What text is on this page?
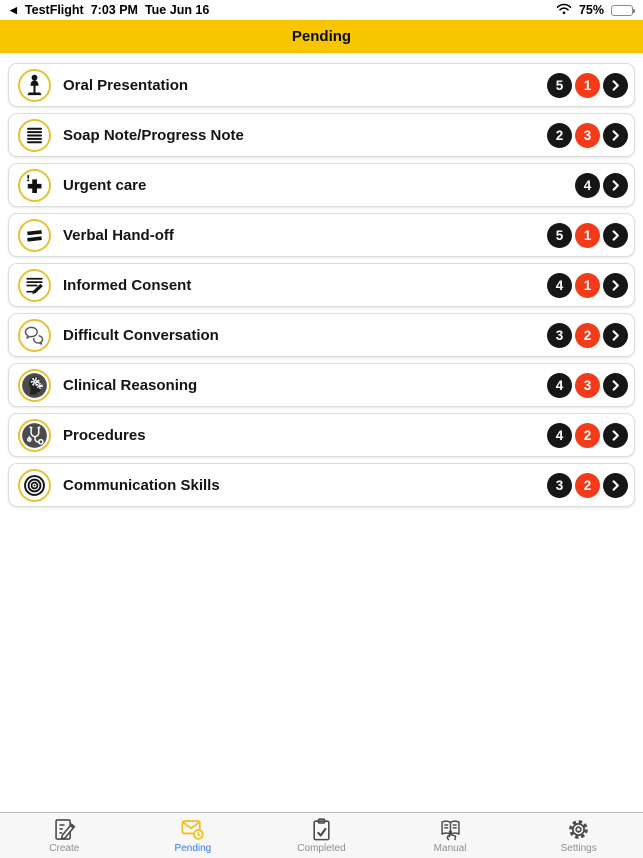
◀ TestFlight 7:03 PM Tue Jun 16	75%
Pending
Oral Presentation	5	1
Soap Note/Progress Note	2	3
Urgent care	4
Verbal Hand-off	5	1
Informed Consent	4	1
Difficult Conversation	3	2
Clinical Reasoning	4	3
Procedures	4	2
Communication Skills	3	2
Create	Pending	Completed	Manual	Settings
